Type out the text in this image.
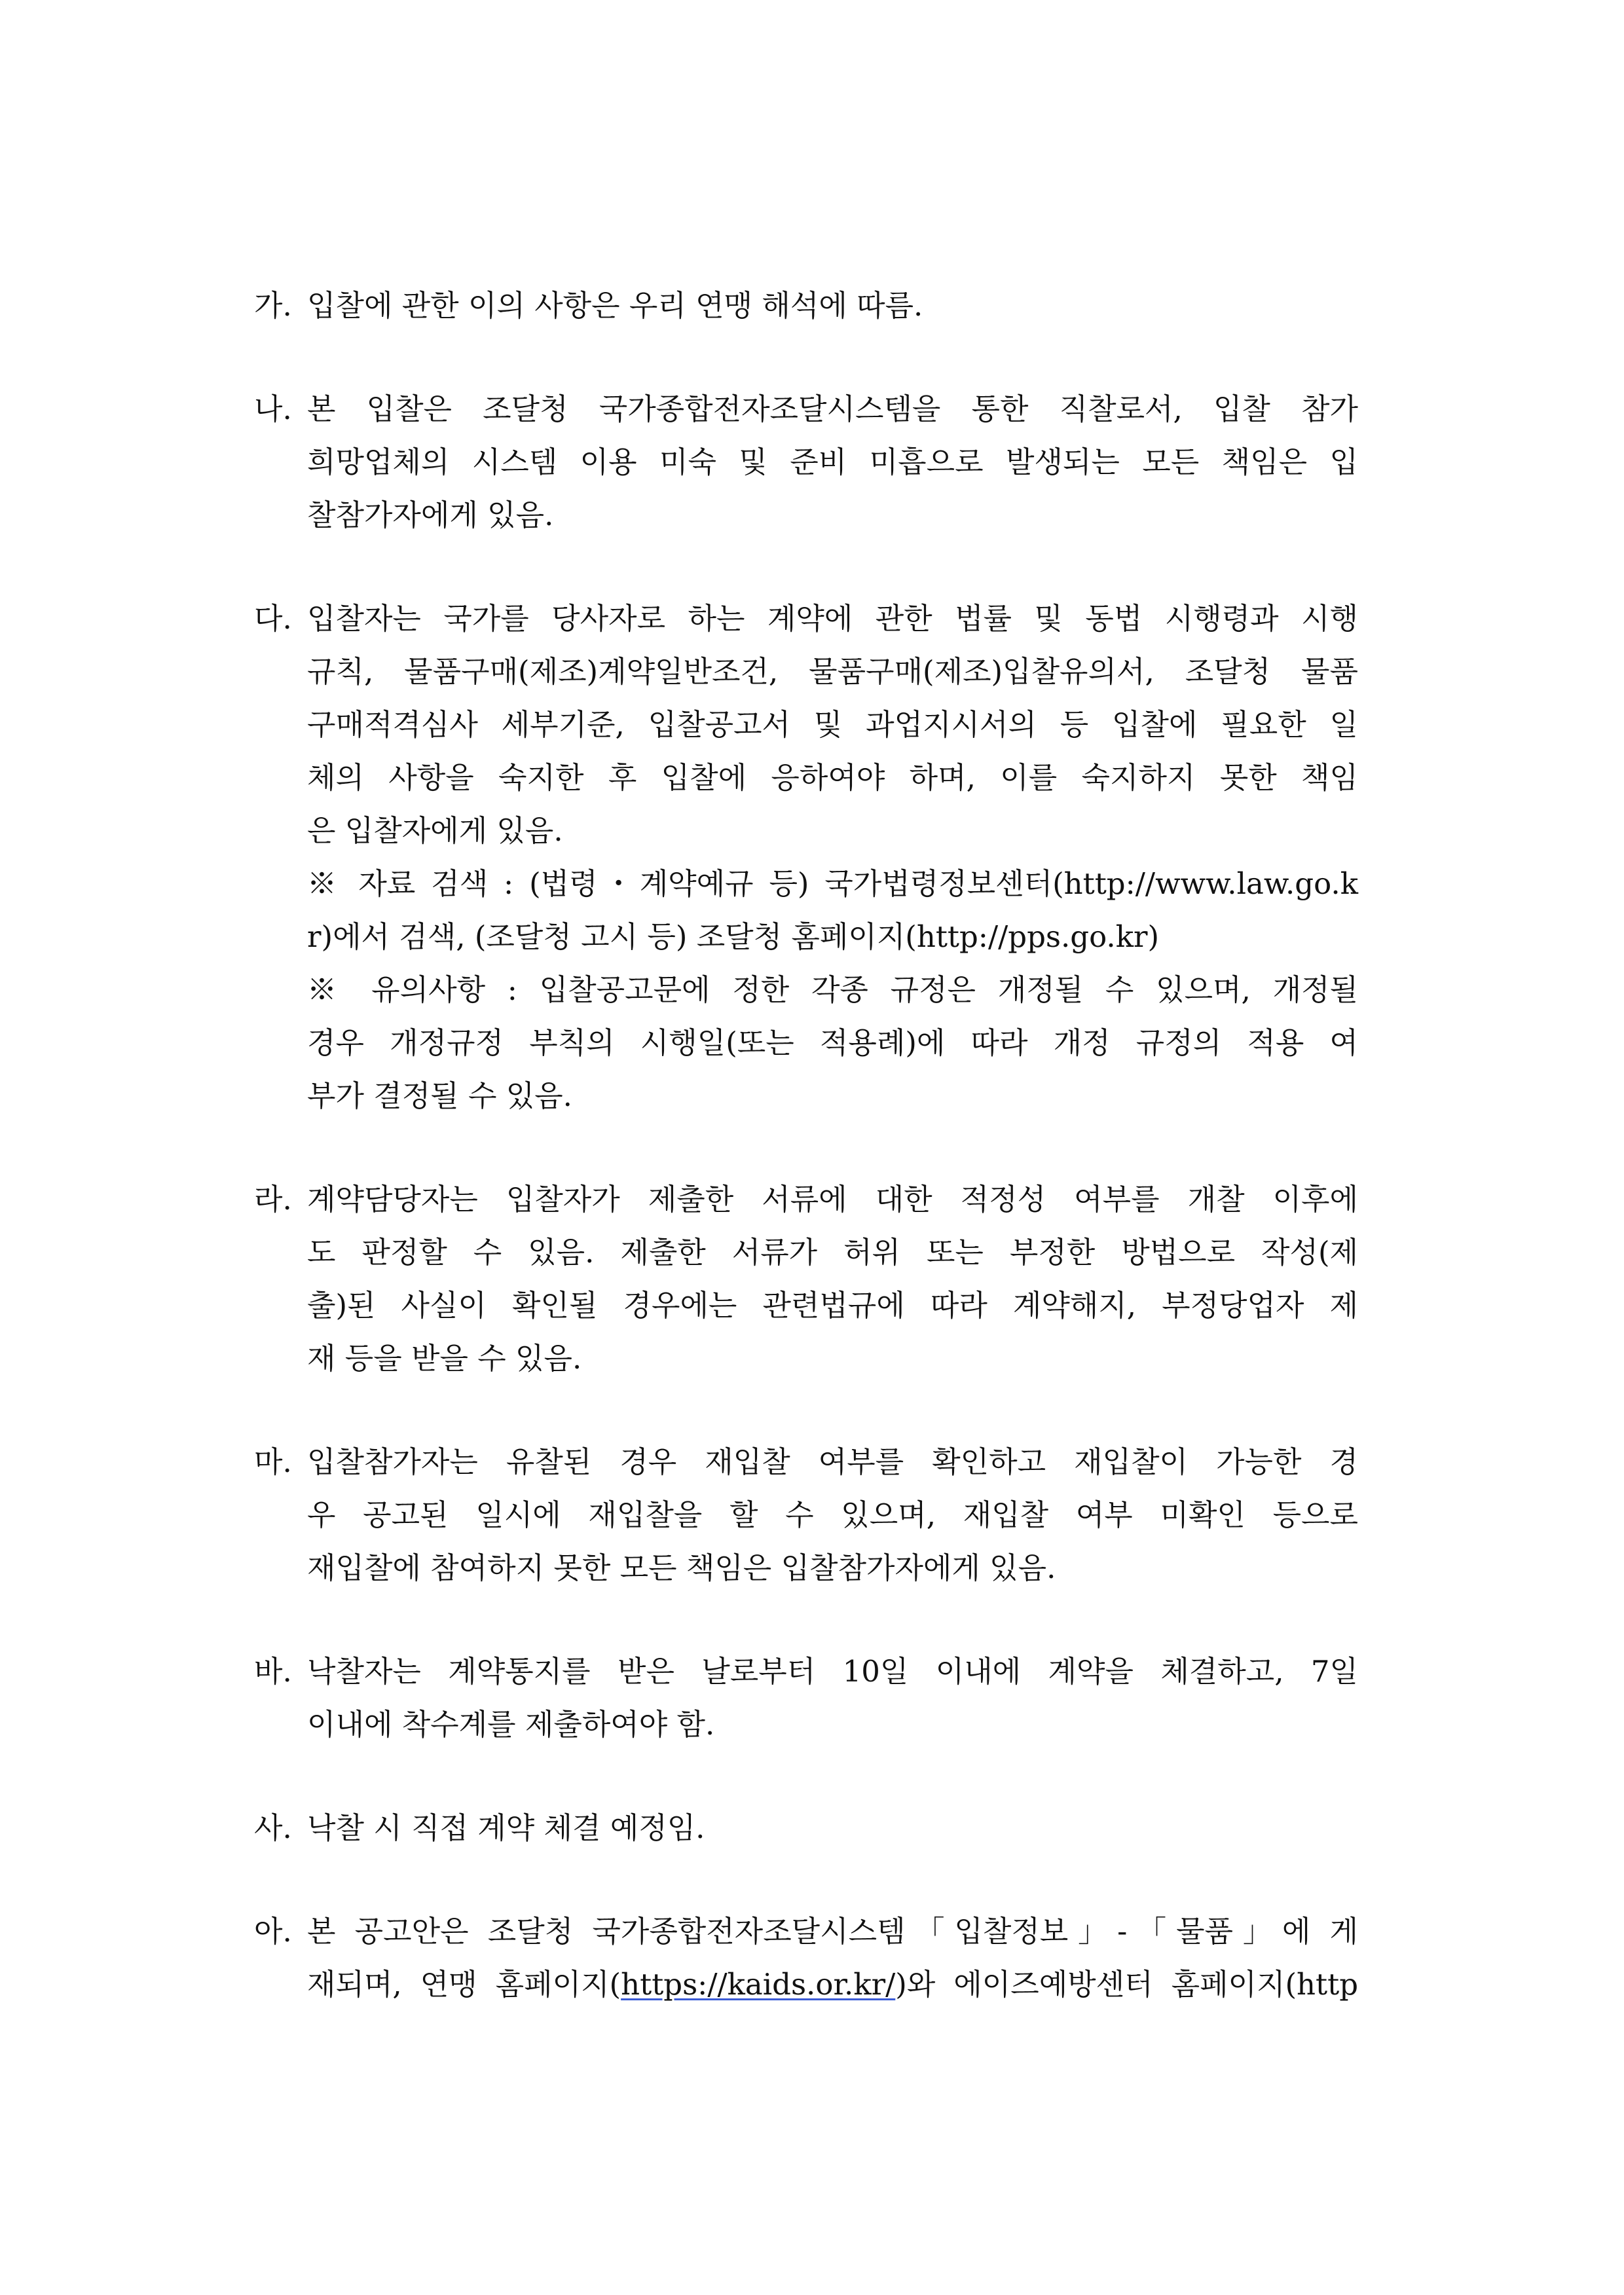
가. 입찰에 관한 이의 사항은 우리 연맹 해석에 따름.
나. 본 입찰은 조달청 국가종합전자조달시스템을 통한 직찰로서, 입찰 참가
희망업체의 시스템 이용 미숙 및 준비 미흡으로 발생되는 모든 책임은 입
찰참가자에게 있음.
다. 입찰자는 국가를 당사자로 하는 계약에 관한 법률 및 동법 시행령과 시행
규칙, 물품구매(제조)계약일반조건, 물품구매(제조)입찰유의서, 조달청 물품
구매적격심사 세부기준, 입찰공고서 및 과업지시서의 등 입찰에 필요한 일
체의 사항을 숙지한 후 입찰에 응하여야 하며, 이를 숙지하지 못한 책임
은 입찰자에게 있음.
※ 자료 검색 : (법령・계약예규 등) 국가법령정보센터(http://www.law.go.k
r)에서 검색, (조달청 고시 등) 조달청 홈페이지(http://pps.go.kr)
※ 유의사항 : 입찰공고문에 정한 각종 규정은 개정될 수 있으며, 개정될
경우 개정규정 부칙의 시행일(또는 적용례)에 따라 개정 규정의 적용 여
부가 결정될 수 있음.
라. 계약담당자는 입찰자가 제출한 서류에 대한 적정성 여부를 개찰 이후에
도 판정할 수 있음. 제출한 서류가 허위 또는 부정한 방법으로 작성(제
출)된 사실이 확인될 경우에는 관련법규에 따라 계약해지, 부정당업자 제
재 등을 받을 수 있음.
마. 입찰참가자는 유찰된 경우 재입찰 여부를 확인하고 재입찰이 가능한 경
우 공고된 일시에 재입찰을 할 수 있으며, 재입찰 여부 미확인 등으로
재입찰에 참여하지 못한 모든 책임은 입찰참가자에게 있음.
바. 낙찰자는 계약통지를 받은 날로부터 10일 이내에 계약을 체결하고, 7일
이내에 착수계를 제출하여야 함.
사. 낙찰 시 직접 계약 체결 예정임.
아. 본 공고안은 조달청 국가종합전자조달시스템「입찰정보」-「물품」에 게
재되며, 연맹 홈페이지(https://kaids.or.kr/)와 에이즈예방센터 홈페이지(http
